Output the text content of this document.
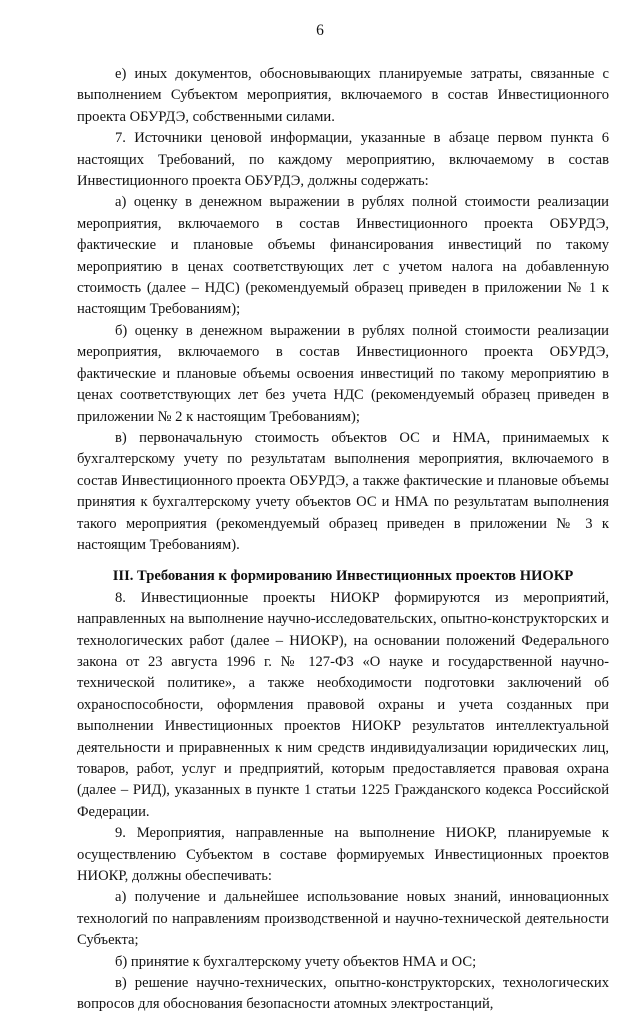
6

е) иных документов, обосновывающих планируемые затраты, связанные с выполнением Субъектом мероприятия, включаемого в состав Инвестиционного проекта ОБУРДЭ, собственными силами.

7. Источники ценовой информации, указанные в абзаце первом пункта 6 настоящих Требований, по каждому мероприятию, включаемому в состав Инвестиционного проекта ОБУРДЭ, должны содержать:

а) оценку в денежном выражении в рублях полной стоимости реализации мероприятия, включаемого в состав Инвестиционного проекта ОБУРДЭ, фактические и плановые объемы финансирования инвестиций по такому мероприятию в ценах соответствующих лет с учетом налога на добавленную стоимость (далее – НДС) (рекомендуемый образец приведен в приложении № 1 к настоящим Требованиям);

б) оценку в денежном выражении в рублях полной стоимости реализации мероприятия, включаемого в состав Инвестиционного проекта ОБУРДЭ, фактические и плановые объемы освоения инвестиций по такому мероприятию в ценах соответствующих лет без учета НДС (рекомендуемый образец приведен в приложении № 2 к настоящим Требованиям);

в) первоначальную стоимость объектов ОС и НМА, принимаемых к бухгалтерскому учету по результатам выполнения мероприятия, включаемого в состав Инвестиционного проекта ОБУРДЭ, а также фактические и плановые объемы принятия к бухгалтерскому учету объектов ОС и НМА по результатам выполнения такого мероприятия (рекомендуемый образец приведен в приложении № 3 к настоящим Требованиям).

III. Требования к формированию Инвестиционных проектов НИОКР

8. Инвестиционные проекты НИОКР формируются из мероприятий, направленных на выполнение научно-исследовательских, опытно-конструкторских и технологических работ (далее – НИОКР), на основании положений Федерального закона от 23 августа 1996 г. № 127-ФЗ «О науке и государственной научно-технической политике», а также необходимости подготовки заключений об охраноспособности, оформления правовой охраны и учета созданных при выполнении Инвестиционных проектов НИОКР результатов интеллектуальной деятельности и приравненных к ним средств индивидуализации юридических лиц, товаров, работ, услуг и предприятий, которым предоставляется правовая охрана (далее – РИД), указанных в пункте 1 статьи 1225 Гражданского кодекса Российской Федерации.

9. Мероприятия, направленные на выполнение НИОКР, планируемые к осуществлению Субъектом в составе формируемых Инвестиционных проектов НИОКР, должны обеспечивать:

а) получение и дальнейшее использование новых знаний, инновационных технологий по направлениям производственной и научно-технической деятельности Субъекта;

б) принятие к бухгалтерскому учету объектов НМА и ОС;

в) решение научно-технических, опытно-конструкторских, технологических вопросов для обоснования безопасности атомных электростанций,
